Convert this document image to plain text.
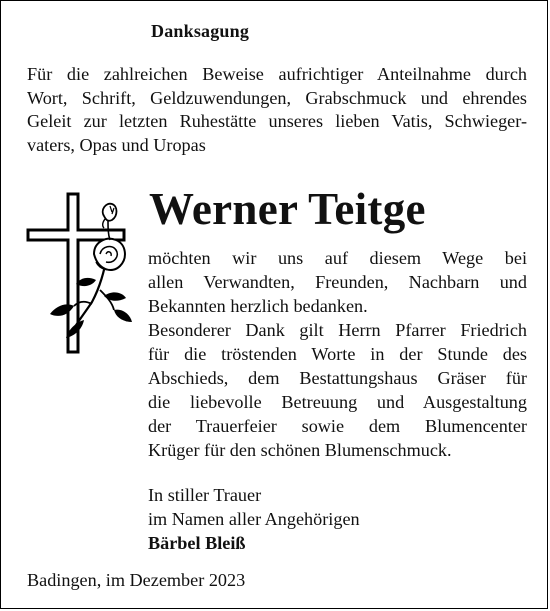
Danksagung
Für die zahlreichen Beweise aufrichtiger Anteilnahme durch
Wort, Schrift, Geldzuwendungen, Grabschmuck und ehrendes
Geleit zur letzten Ruhestätte unseres lieben Vatis, Schwieger-
vaters, Opas und Uropas
Werner Teitge
möchten wir uns auf diesem Wege bei
allen Verwandten, Freunden, Nachbarn und
Bekannten herzlich bedanken.
Besonderer Dank gilt Herrn Pfarrer Friedrich
für die tröstenden Worte in der Stunde des
Abschieds, dem Bestattungshaus Gräser für
die liebevolle Betreuung und Ausgestaltung
der Trauerfeier sowie dem Blumencenter
Krüger für den schönen Blumenschmuck.
In stiller Trauer
im Namen aller Angehörigen
Bärbel Bleiß
Badingen, im Dezember 2023
